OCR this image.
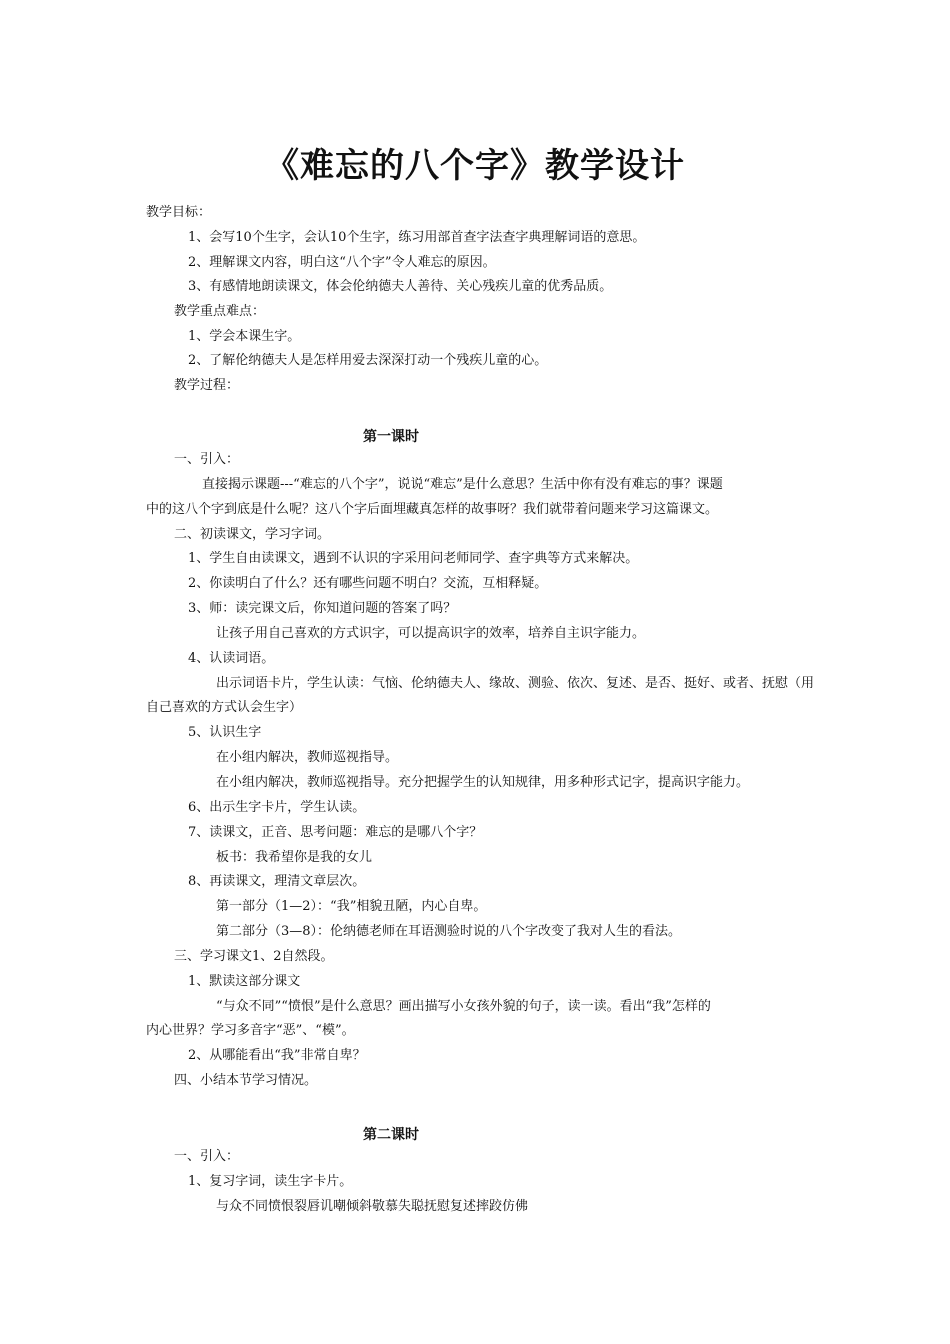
《难忘的八个字》教学设计

教学目标：

1、会写10个生字，会认10个生字，练习用部首查字法查字典理解词语的意思。

2、理解课文内容，明白这“八个字”令人难忘的原因。

3、有感情地朗读课文，体会伦纳德夫人善待、关心残疾儿童的优秀品质。

教学重点难点：

1、学会本课生字。

2、了解伦纳德夫人是怎样用爱去深深打动一个残疾儿童的心。

教学过程：

第一课时

一、引入：

直接揭示课题---“难忘的八个字”，说说“难忘”是什么意思？生活中你有没有难忘的事？课题

中的这八个字到底是什么呢？这八个字后面埋藏真怎样的故事呀？我们就带着问题来学习这篇课文。

二、初读课文，学习字词。

1、学生自由读课文，遇到不认识的字采用问老师同学、查字典等方式来解决。

2、你读明白了什么？还有哪些问题不明白？交流，互相释疑。

3、师：读完课文后，你知道问题的答案了吗？

让孩子用自己喜欢的方式识字，可以提高识字的效率，培养自主识字能力。

4、认读词语。

出示词语卡片，学生认读：气恼、伦纳德夫人、缘故、测验、依次、复述、是否、挺好、或者、抚慰（用

自己喜欢的方式认会生字）

5、认识生字

在小组内解决，教师巡视指导。

在小组内解决，教师巡视指导。充分把握学生的认知规律，用多种形式记字，提高识字能力。

6、出示生字卡片，学生认读。

7、读课文，正音、思考问题：难忘的是哪八个字？

板书：我希望你是我的女儿

8、再读课文，理清文章层次。

第一部分（1—2）：“我”相貌丑陋，内心自卑。

第二部分（3—8）：伦纳德老师在耳语测验时说的八个字改变了我对人生的看法。

三、学习课文1、2自然段。

1、默读这部分课文

“与众不同”“愤恨”是什么意思？画出描写小女孩外貌的句子，读一读。看出“我”怎样的

内心世界？学习多音字“恶”、“模”。

2、从哪能看出“我”非常自卑？

四、小结本节学习情况。

第二课时

一、引入：

1、复习字词，读生字卡片。

与众不同愤恨裂唇讥嘲倾斜敬慕失聪抚慰复述摔跤仿佛
